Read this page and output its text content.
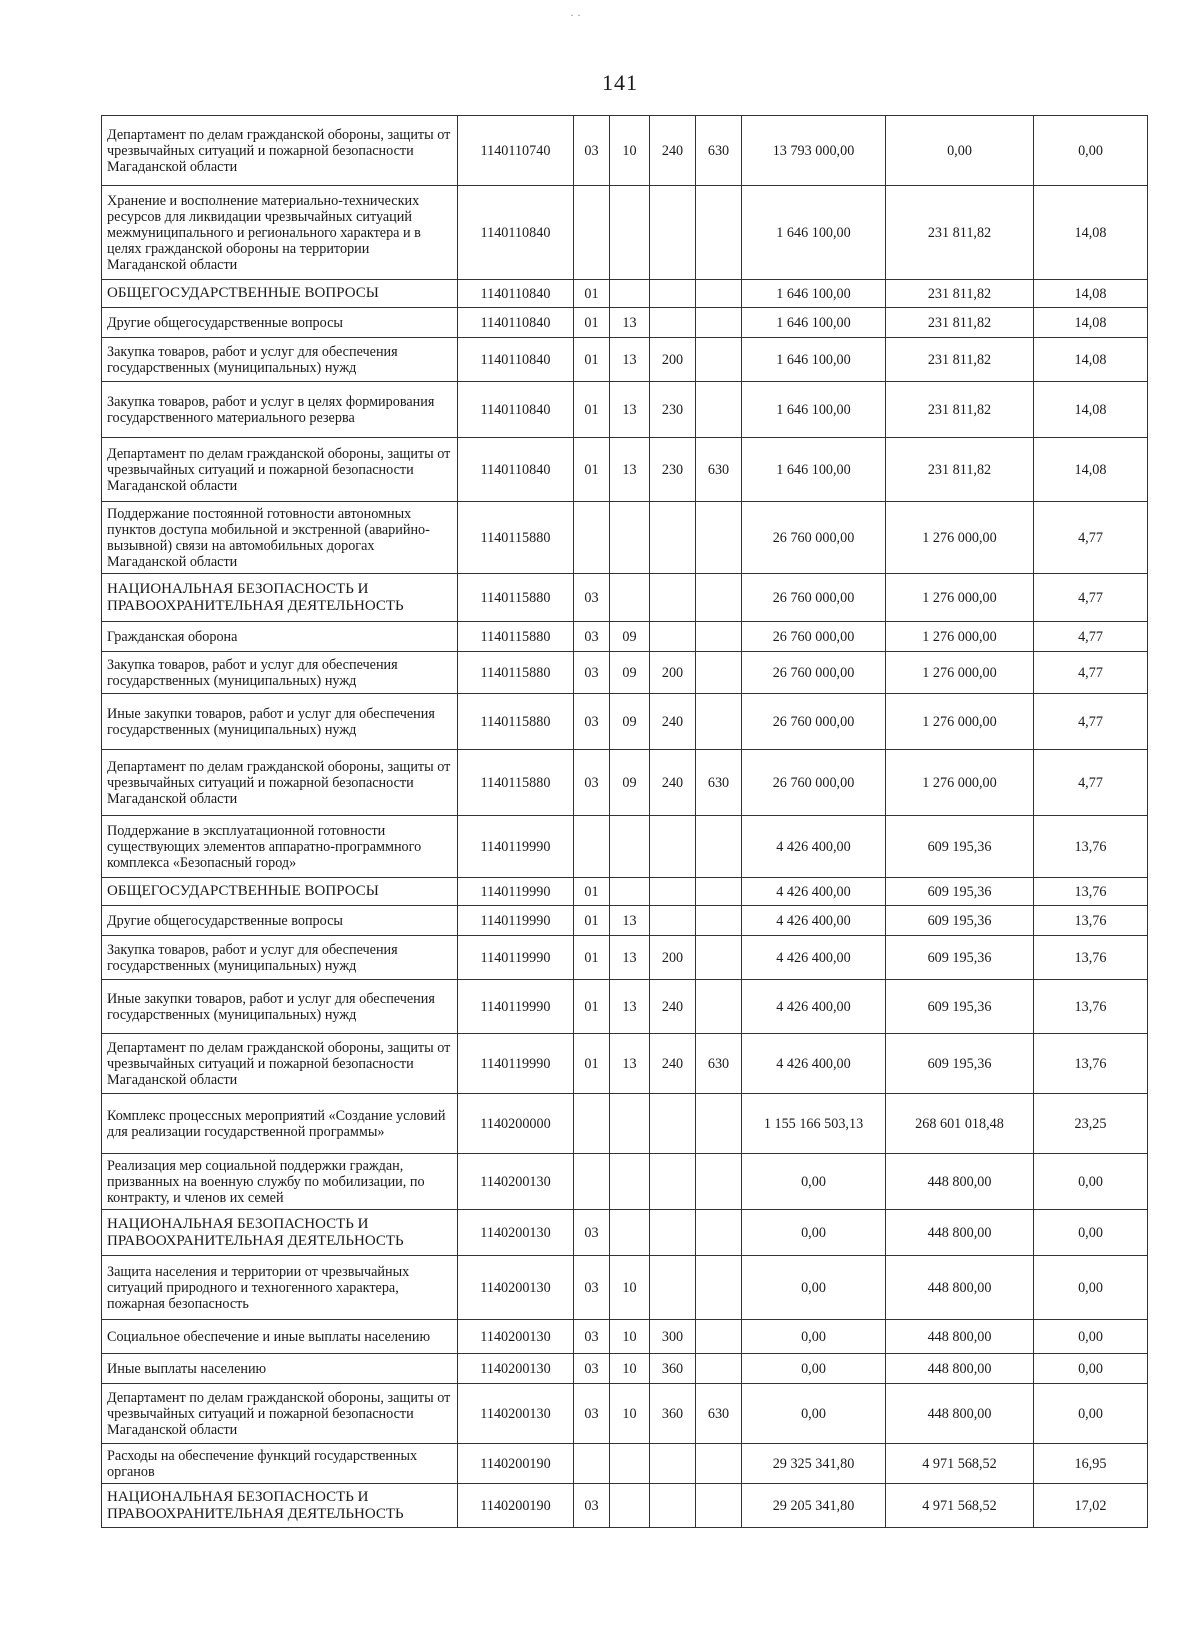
141
· ·
Департамент по делам гражданской обороны, защиты от чрезвычайных ситуаций и пожарной безопасности Магаданской области	1140110740	03	10	240	630	13 793 000,00	0,00	0,00
Хранение и восполнение материально-технических ресурсов для ликвидации чрезвычайных ситуаций межмуниципального и регионального характера и в целях гражданской обороны на территории Магаданской области	1140110840					1 646 100,00	231 811,82	14,08
ОБЩЕГОСУДАРСТВЕННЫЕ ВОПРОСЫ	1140110840	01				1 646 100,00	231 811,82	14,08
Другие общегосударственные вопросы	1140110840	01	13			1 646 100,00	231 811,82	14,08
Закупка товаров, работ и услуг для обеспечения государственных (муниципальных) нужд	1140110840	01	13	200		1 646 100,00	231 811,82	14,08
Закупка товаров, работ и услуг в целях формирования государственного материального резерва	1140110840	01	13	230		1 646 100,00	231 811,82	14,08
Департамент по делам гражданской обороны, защиты от чрезвычайных ситуаций и пожарной безопасности Магаданской области	1140110840	01	13	230	630	1 646 100,00	231 811,82	14,08
Поддержание постоянной готовности автономных пунктов доступа мобильной и экстренной (аварийно-вызывной) связи на автомобильных дорогах Магаданской области	1140115880					26 760 000,00	1 276 000,00	4,77
НАЦИОНАЛЬНАЯ БЕЗОПАСНОСТЬ И ПРАВООХРАНИТЕЛЬНАЯ ДЕЯТЕЛЬНОСТЬ	1140115880	03				26 760 000,00	1 276 000,00	4,77
Гражданская оборона	1140115880	03	09			26 760 000,00	1 276 000,00	4,77
Закупка товаров, работ и услуг для обеспечения государственных (муниципальных) нужд	1140115880	03	09	200		26 760 000,00	1 276 000,00	4,77
Иные закупки товаров, работ и услуг для обеспечения государственных (муниципальных) нужд	1140115880	03	09	240		26 760 000,00	1 276 000,00	4,77
Департамент по делам гражданской обороны, защиты от чрезвычайных ситуаций и пожарной безопасности Магаданской области	1140115880	03	09	240	630	26 760 000,00	1 276 000,00	4,77
Поддержание в эксплуатационной готовности существующих элементов аппаратно-программного комплекса «Безопасный город»	1140119990					4 426 400,00	609 195,36	13,76
ОБЩЕГОСУДАРСТВЕННЫЕ ВОПРОСЫ	1140119990	01				4 426 400,00	609 195,36	13,76
Другие общегосударственные вопросы	1140119990	01	13			4 426 400,00	609 195,36	13,76
Закупка товаров, работ и услуг для обеспечения государственных (муниципальных) нужд	1140119990	01	13	200		4 426 400,00	609 195,36	13,76
Иные закупки товаров, работ и услуг для обеспечения государственных (муниципальных) нужд	1140119990	01	13	240		4 426 400,00	609 195,36	13,76
Департамент по делам гражданской обороны, защиты от чрезвычайных ситуаций и пожарной безопасности Магаданской области	1140119990	01	13	240	630	4 426 400,00	609 195,36	13,76
Комплекс процессных мероприятий «Создание условий для реализации государственной программы»	1140200000					1 155 166 503,13	268 601 018,48	23,25
Реализация мер социальной поддержки граждан, призванных на военную службу по мобилизации, по контракту, и членов их семей	1140200130					0,00	448 800,00	0,00
НАЦИОНАЛЬНАЯ БЕЗОПАСНОСТЬ И ПРАВООХРАНИТЕЛЬНАЯ ДЕЯТЕЛЬНОСТЬ	1140200130	03				0,00	448 800,00	0,00
Защита населения и территории от чрезвычайных ситуаций природного и техногенного характера, пожарная безопасность	1140200130	03	10			0,00	448 800,00	0,00
Социальное обеспечение и иные выплаты населению	1140200130	03	10	300		0,00	448 800,00	0,00
Иные выплаты населению	1140200130	03	10	360		0,00	448 800,00	0,00
Департамент по делам гражданской обороны, защиты от чрезвычайных ситуаций и пожарной безопасности Магаданской области	1140200130	03	10	360	630	0,00	448 800,00	0,00
Расходы на обеспечение функций государственных органов	1140200190					29 325 341,80	4 971 568,52	16,95
НАЦИОНАЛЬНАЯ БЕЗОПАСНОСТЬ И ПРАВООХРАНИТЕЛЬНАЯ ДЕЯТЕЛЬНОСТЬ	1140200190	03				29 205 341,80	4 971 568,52	17,02
